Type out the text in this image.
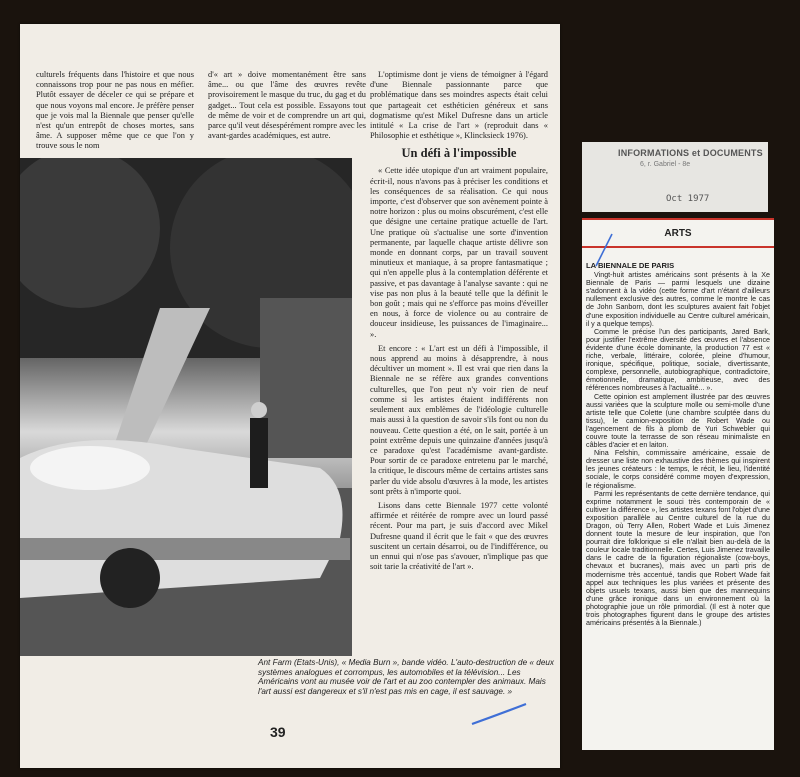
culturels fréquents dans l'histoire et que nous connaissons trop pour ne pas nous en méfier. Plutôt essayer de déceler ce qui se prépare et que nous voyons mal encore. Je préfère penser que je vois mal la Biennale que penser qu'elle n'est qu'un entrepôt de choses mortes, sans âme. A supposer même que ce que l'on y trouve sous le nom

d'« art » doive momentanément être sans âme... ou que l'âme des œuvres revête provisoirement le masque du truc, du gag et du gadget... Tout cela est possible. Essayons tout de même de voir et de comprendre un art qui, parce qu'il veut désespérément rompre avec les avant-gardes académiques, est autre.

L'optimisme dont je viens de témoigner à l'égard d'une Biennale passionnante parce que problématique dans ses moindres aspects était celui que partageait cet esthéticien généreux et sans dogmatisme qu'est Mikel Dufresne dans un article intitulé « La crise de l'art » (reproduit dans « Philosophie et esthétique », Klincksieck 1976).

Un défi à l'impossible

« Cette idée utopique d'un art vraiment populaire, écrit-il, nous n'avons pas à préciser les conditions et les conséquences de sa réalisation. Ce qui nous importe, c'est d'observer que son avènement pointe à notre horizon : plus ou moins obscurément, c'est elle que désigne une certaine pratique actuelle de l'art. Une pratique où s'actualise une sorte d'invention permanente, par laquelle chaque artiste délivre son monde en donnant corps, par un travail souvent minutieux et maniaque, à sa propre fantasmatique ; qui n'en appelle plus à la contemplation déférente et passive, et pas davantage à l'analyse savante : qui ne vise pas non plus à la beauté telle que la définit le bon goût ; mais qui ne s'efforce pas moins d'éveiller en nous, à force de violence ou au contraire de douceur insidieuse, les puissances de l'imaginaire... ».

Et encore : « L'art est un défi à l'impossible, il nous apprend au moins à désapprendre, à nous décultiver un moment ». Il est vrai que rien dans la Biennale ne se réfère aux grandes conventions culturelles, que l'on peut n'y voir rien de neuf comme si les artistes étaient indifférents non seulement aux emblèmes de l'idéologie culturelle mais aussi à la question de savoir s'ils font ou non du nouveau. Cette question a été, on le sait, portée à un point extrême depuis une quinzaine d'années jusqu'à ce paradoxe qu'est l'académisme avant-gardiste. Pour sortir de ce paradoxe entretenu par le marché, la critique, le discours même de certains artistes sans parler du vide absolu d'œuvres à la mode, les artistes sont prêts à n'importe quoi.

Lisons dans cette Biennale 1977 cette volonté affirmée et réitérée de rompre avec un lourd passé récent. Pour ma part, je suis d'accord avec Mikel Dufresne quand il écrit que le fait « que des œuvres suscitent un certain désarroi, ou de l'indifférence, ou un ennui qui n'ose pas s'avouer, n'implique pas que soit tarie la créativité de l'art ».

Ant Farm (Etats-Unis), « Media Burn », bande vidéo. L'auto-destruction de « deux systèmes analogues et corrompus, les automobiles et la télévision... Les Américains vont au musée voir de l'art et au zoo contempler des animaux. Mais l'art aussi est dangereux et s'il n'est pas mis en cage, il est sauvage. »
39
INFORMATIONS et DOCUMENTS
6, r. Gabriel - 8e
Oct 1977
ARTS
LA BIENNALE DE PARIS

Vingt-huit artistes américains sont présents à la Xe Biennale de Paris — parmi lesquels une dizaine s'adonnent à la vidéo (cette forme d'art n'étant d'ailleurs nullement exclusive des autres, comme le montre le cas de John Sanborn, dont les sculptures avaient fait l'objet d'une exposition individuelle au Centre culturel américain, il y a quelque temps).

Comme le précise l'un des participants, Jared Bark, pour justifier l'extrême diversité des œuvres et l'absence évidente d'une école dominante, la production 77 est « riche, verbale, littéraire, colorée, pleine d'humour, ironique, spécifique, politique, sociale, divertissante, complexe, personnelle, autobiographique, contradictoire, émotionnelle, dramatique, ambitieuse, avec des références nombreuses à l'actualité... ».

Cette opinion est amplement illustrée par des œuvres aussi variées que la sculpture molle ou semi-molle d'une artiste telle que Colette (une chambre sculptée dans du tissu), le camion-exposition de Robert Wade ou l'agencement de fils à plomb de Yuri Schwebler qui couvre toute la terrasse de son réseau minimaliste en câbles d'acier et en laiton.

Nina Felshin, commissaire américaine, essaie de dresser une liste non exhaustive des thèmes qui inspirent les jeunes créateurs : le temps, le récit, le lieu, l'identité sociale, le corps considéré comme moyen d'expression, le régionalisme.

Parmi les représentants de cette dernière tendance, qui exprime notamment le souci très contemporain de « cultiver la différence », les artistes texans font l'objet d'une exposition parallèle au Centre culturel de la rue du Dragon, où Terry Allen, Robert Wade et Luis Jimenez donnent toute la mesure de leur inspiration, que l'on pourrait dire folklorique si elle n'allait bien au-delà de la couleur locale traditionnelle. Certes, Luis Jimenez travaille dans le cadre de la figuration régionaliste (cow-boys, chevaux et bucranes), mais avec un parti pris de modernisme très accentué, tandis que Robert Wade fait appel aux techniques les plus variées et présente des objets usuels texans, aussi bien que des mannequins d'une grâce ironique dans un environnement où la photographie joue un rôle primordial. (Il est à noter que trois photographes figurent dans le groupe des artistes américains présentés à la Biennale.)
